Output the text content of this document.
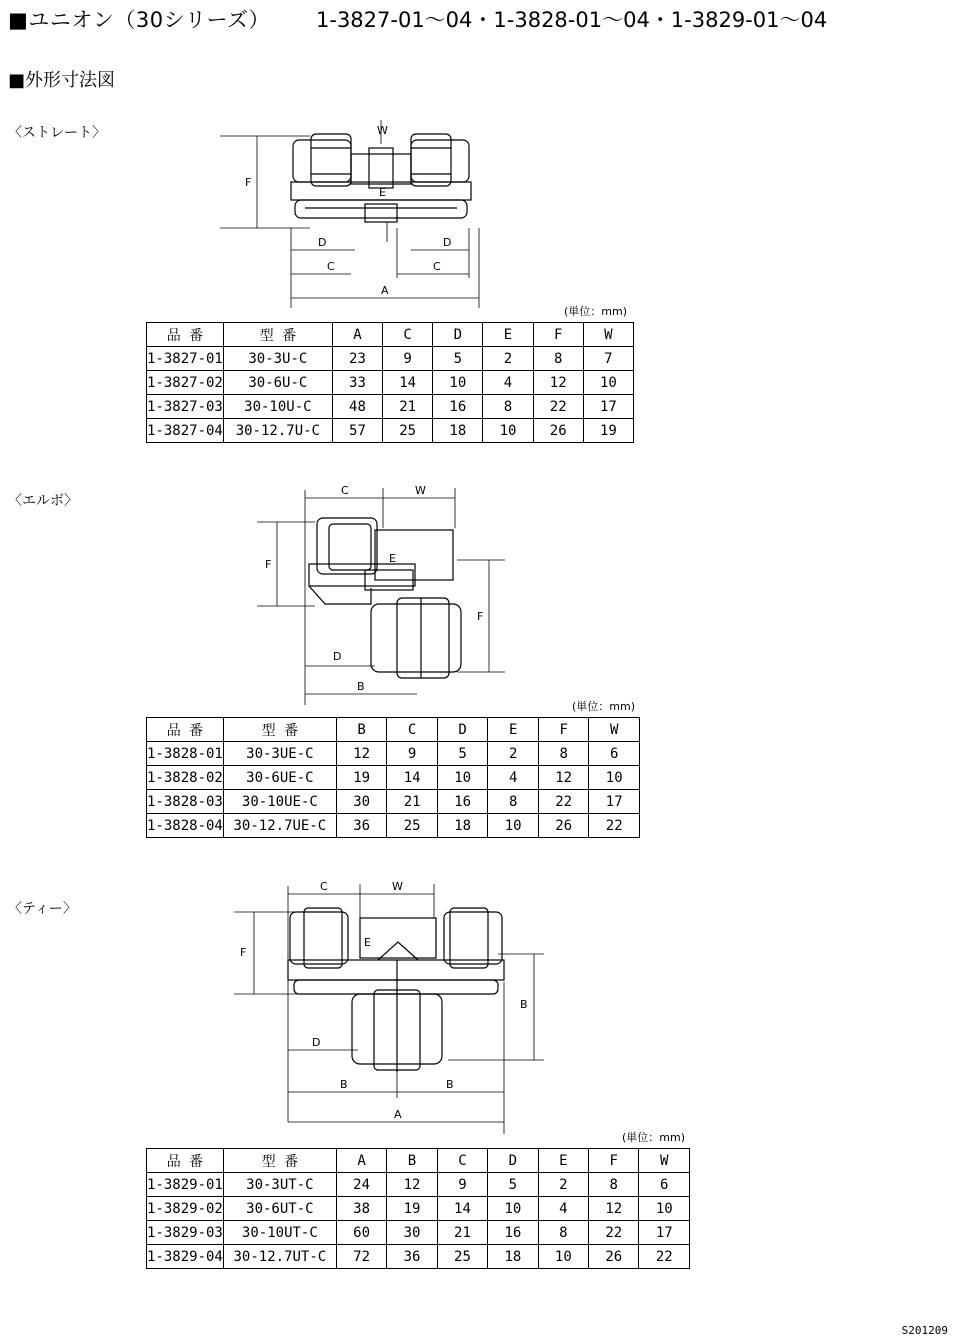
■ユニオン（30シリーズ） 1-3827-01～04・1-3828-01～04・1-3829-01～04
■外形寸法図
〈ストレート〉	W
F
E
D	D
C	C
A
(単位：mm)
品 番	型 番	A	C	D	E	F	W
1-3827-01	30-3U-C	23	9	5	2	8	7
1-3827-02	30-6U-C	33	14	10	4	12	10
1-3827-03	30-10U-C	48	21	16	8	22	17
1-3827-04	30-12.7U-C	57	25	18	10	26	19
〈エルボ〉
C	W
F	E
F
D
B
(単位：mm)
品 番	型 番	B	C	D	E	F	W
1-3828-01	30-3UE-C	12	9	5	2	8	6
1-3828-02	30-6UE-C	19	14	10	4	12	10
1-3828-03	30-10UE-C	30	21	16	8	22	17
1-3828-04	30-12.7UE-C	36	25	18	10	26	22
〈ティー〉
C	W
F
E
B
D
B	B
A
(単位：mm)
品 番	型 番	A	B	C	D	E	F	W
1-3829-01	30-3UT-C	24	12	9	5	2	8	6
1-3829-02	30-6UT-C	38	19	14	10	4	12	10
1-3829-03	30-10UT-C	60	30	21	16	8	22	17
1-3829-04	30-12.7UT-C	72	36	25	18	10	26	22
S201209
